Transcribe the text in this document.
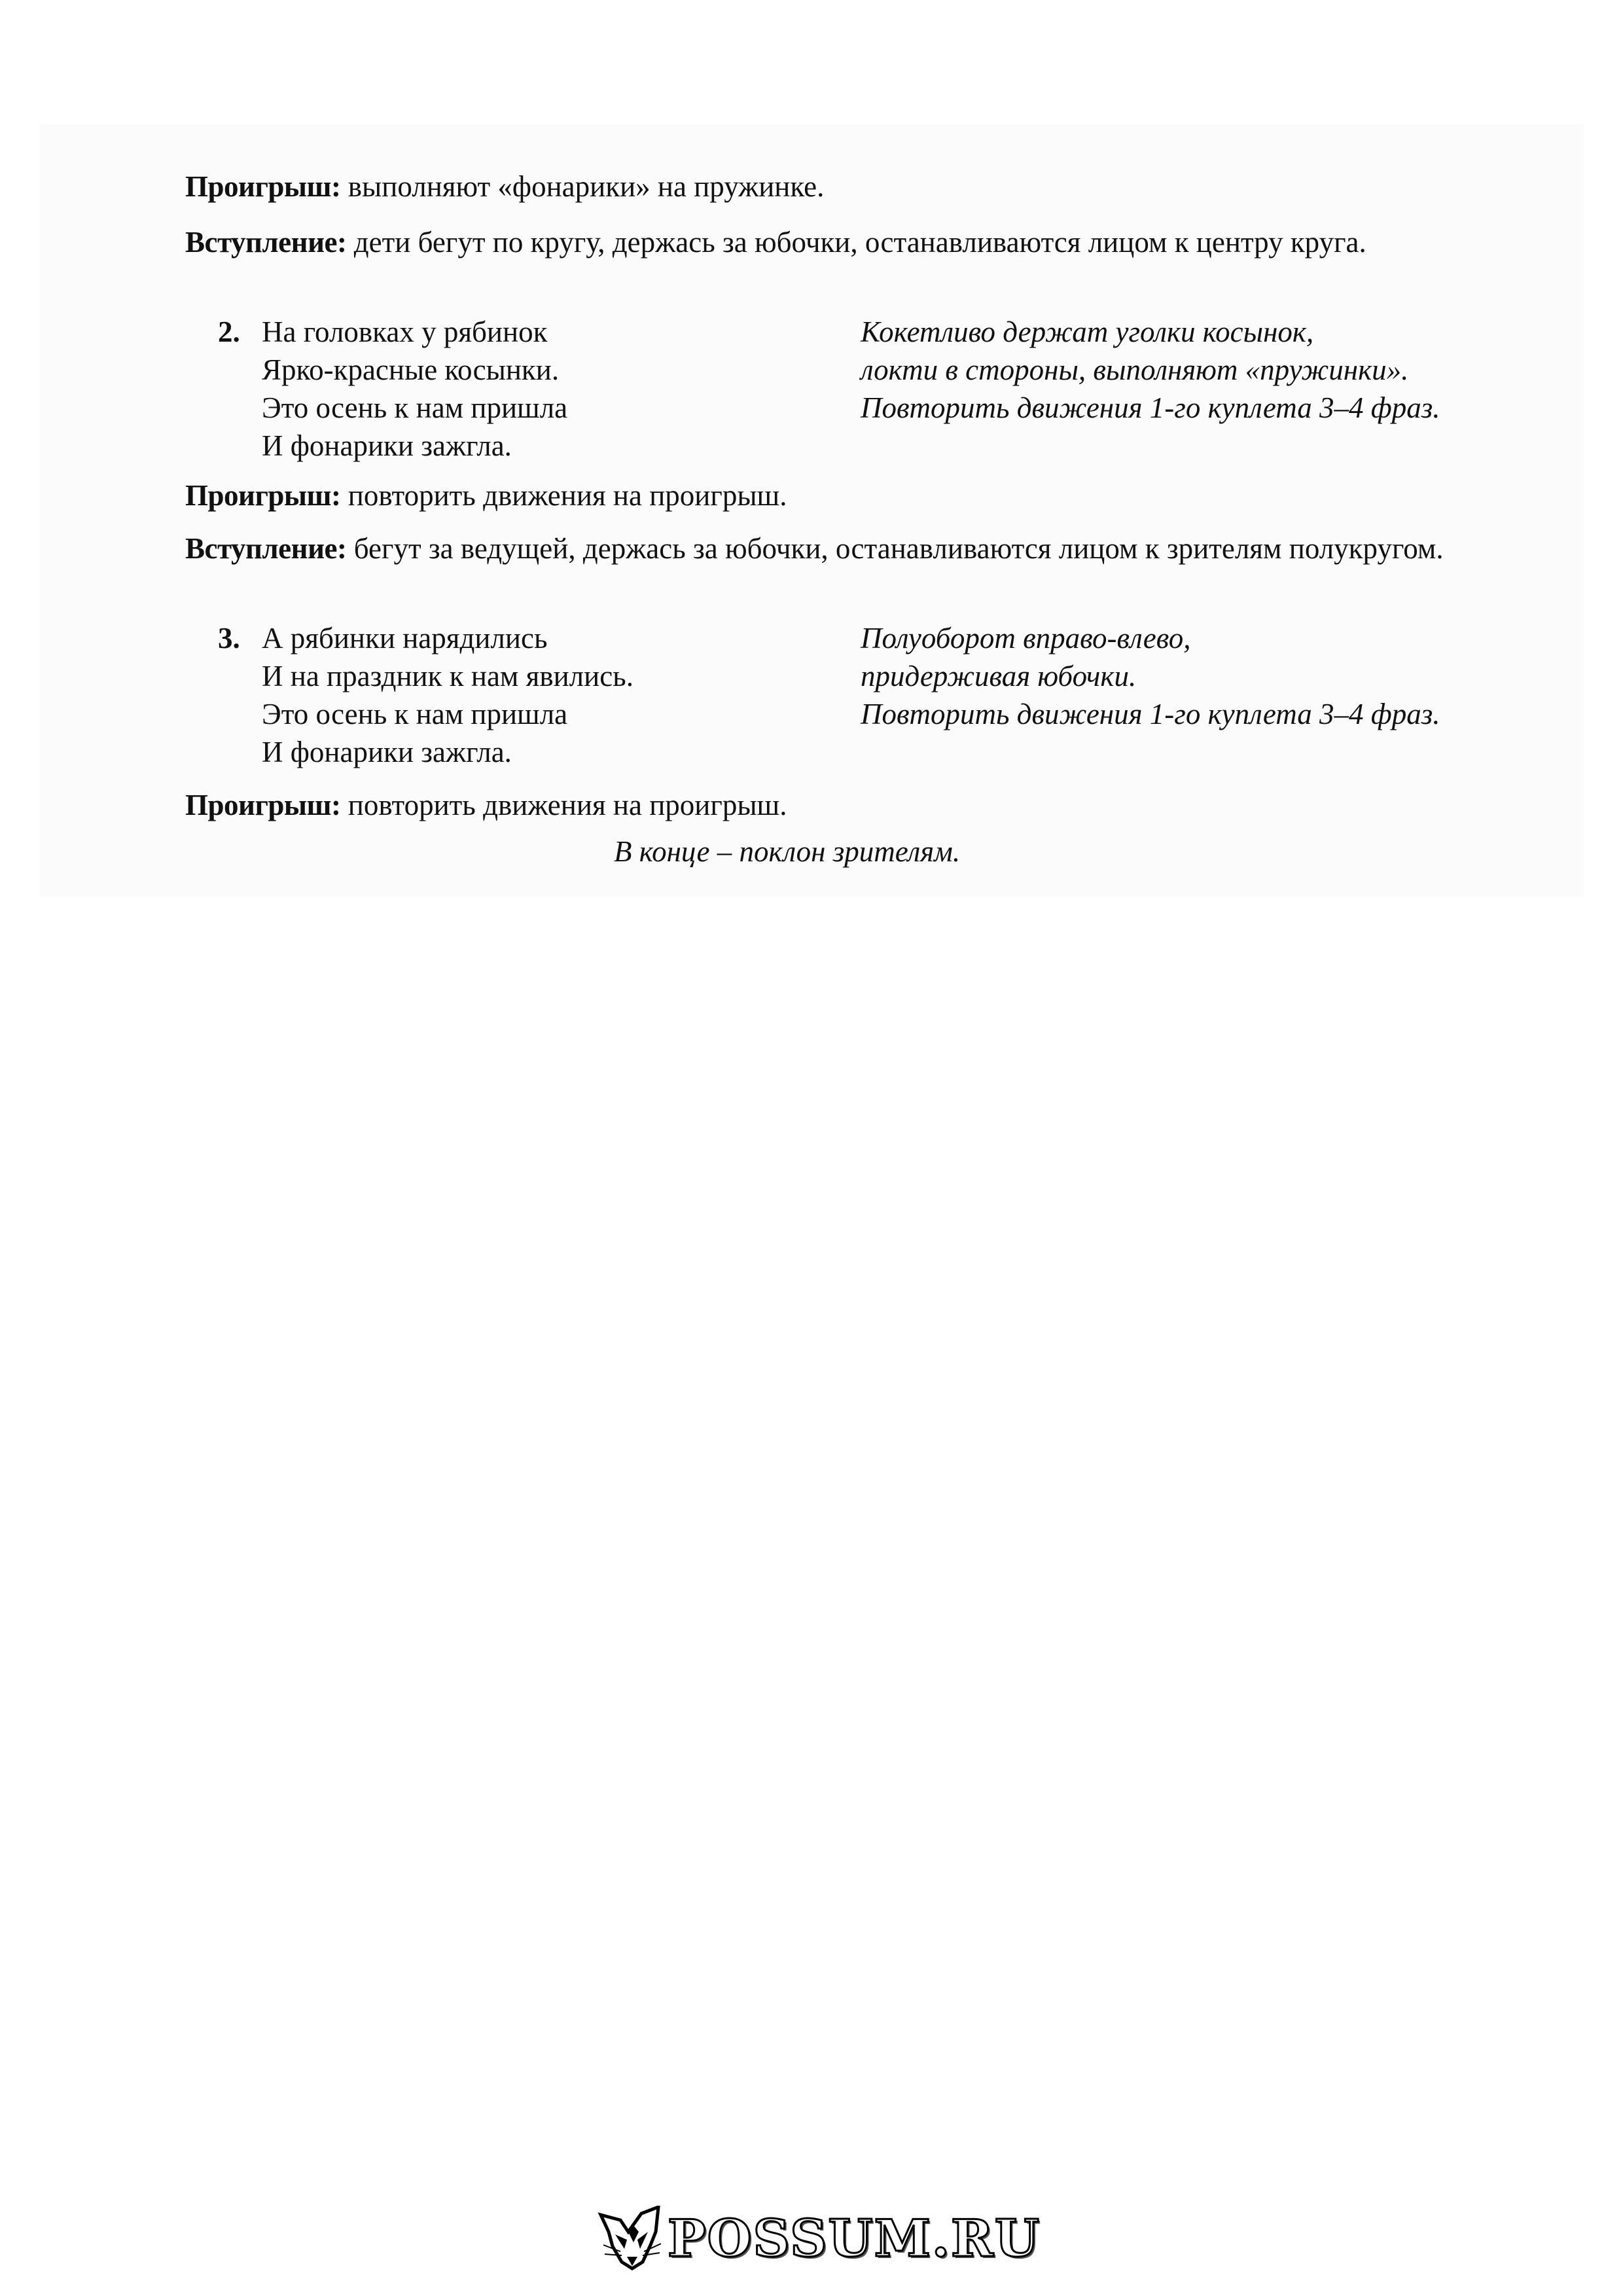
Проигрыш: выполняют «фонарики» на пружинке.
Вступление: дети бегут по кругу, держась за юбочки, останавливаются лицом к центру круга.
2. На головках у рябинок
Ярко-красные косынки.
Это осень к нам пришла
И фонарики зажгла.
Кокетливо держат уголки косынок,
локти в стороны, выполняют «пружинки».
Повторить движения 1-го куплета 3–4 фраз.
Проигрыш: повторить движения на проигрыш.
Вступление: бегут за ведущей, держась за юбочки, останавливаются лицом к зрителям полукругом.
3. А рябинки нарядились
И на праздник к нам явились.
Это осень к нам пришла
И фонарики зажгла.
Полуоборот вправо-влево,
придерживая юбочки.
Повторить движения 1-го куплета 3–4 фраз.
Проигрыш: повторить движения на проигрыш.
В конце – поклон зрителям.
POSSUM.RU
